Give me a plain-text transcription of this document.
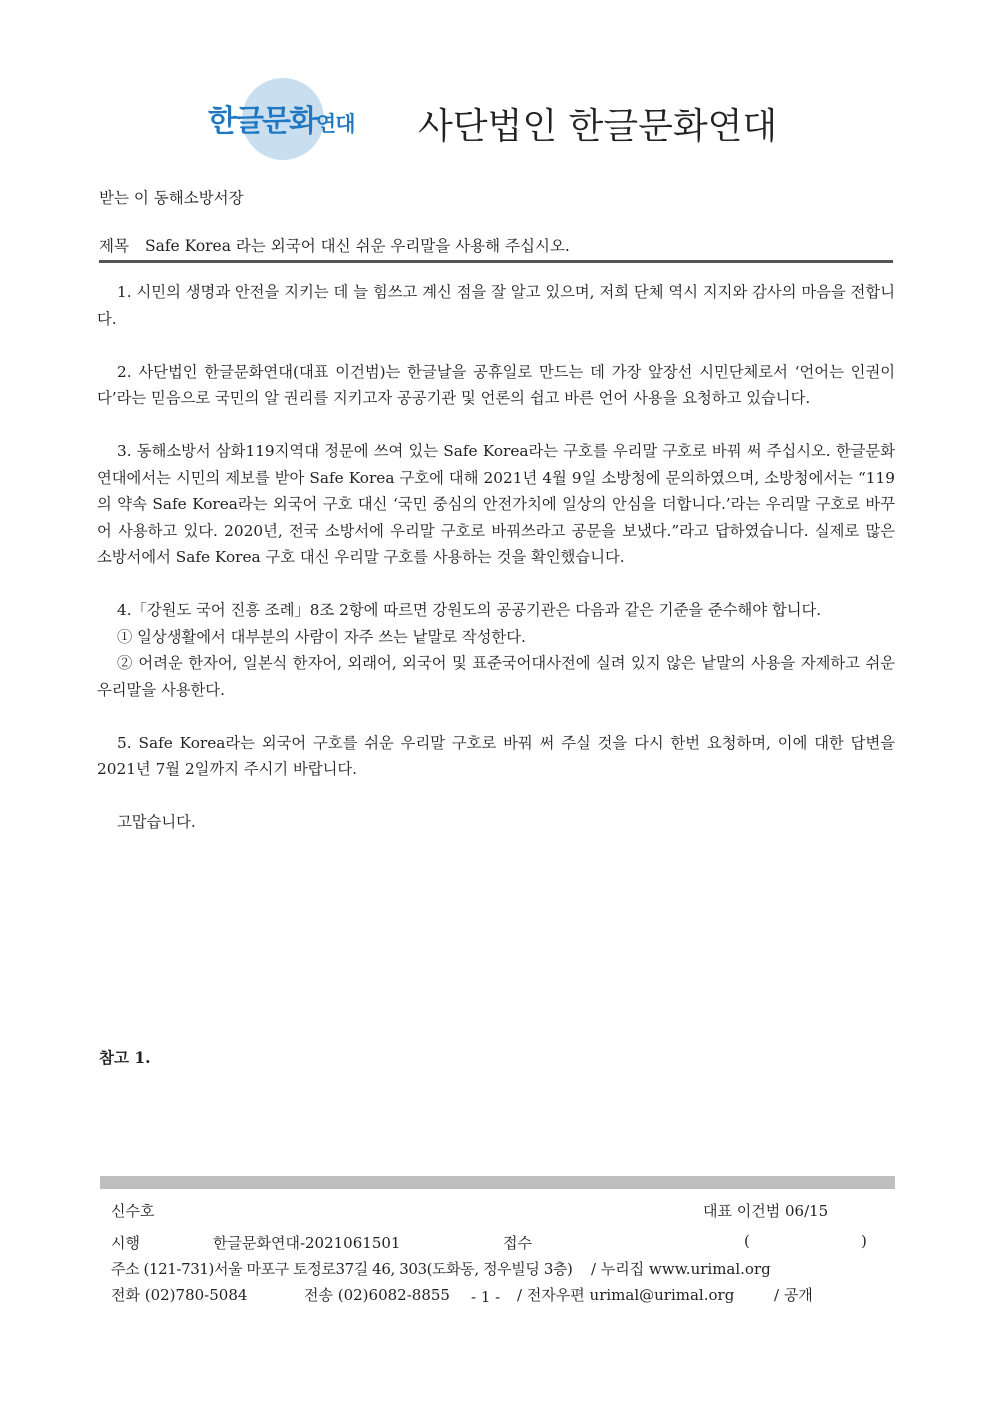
한글문화연대 사단법인 한글문화연대
받는 이 동해소방서장
제목 Safe Korea 라는 외국어 대신 쉬운 우리말을 사용해 주십시오.

1. 시민의 생명과 안전을 지키는 데 늘 힘쓰고 계신 점을 잘 알고 있으며, 저희 단체 역시 지지와 감사의 마음을 전합니다.

2. 사단법인 한글문화연대(대표 이건범)는 한글날을 공휴일로 만드는 데 가장 앞장선 시민단체로서 ‘언어는 인권이다’라는 믿음으로 국민의 알 권리를 지키고자 공공기관 및 언론의 쉽고 바른 언어 사용을 요청하고 있습니다.

3. 동해소방서 삼화119지역대 정문에 쓰여 있는 Safe Korea라는 구호를 우리말 구호로 바꿔 써 주십시오. 한글문화연대에서는 시민의 제보를 받아 Safe Korea 구호에 대해 2021년 4월 9일 소방청에 문의하였으며, 소방청에서는 “119의 약속 Safe Korea라는 외국어 구호 대신 ‘국민 중심의 안전가치에 일상의 안심을 더합니다.’라는 우리말 구호로 바꾸어 사용하고 있다. 2020년, 전국 소방서에 우리말 구호로 바꿔쓰라고 공문을 보냈다.”라고 답하였습니다. 실제로 많은 소방서에서 Safe Korea 구호 대신 우리말 구호를 사용하는 것을 확인했습니다.

4.「강원도 국어 진흥 조례」8조 2항에 따르면 강원도의 공공기관은 다음과 같은 기준을 준수해야 합니다.

① 일상생활에서 대부분의 사람이 자주 쓰는 낱말로 작성한다.

② 어려운 한자어, 일본식 한자어, 외래어, 외국어 및 표준국어대사전에 실려 있지 않은 낱말의 사용을 자제하고 쉬운 우리말을 사용한다.

5. Safe Korea라는 외국어 구호를 쉬운 우리말 구호로 바꿔 써 주실 것을 다시 한번 요청하며, 이에 대한 답변을 2021년 7월 2일까지 주시기 바랍니다.

고맙습니다.

참고 1.
신수호	대표 이건범 06/15
시행	한글문화연대-2021061501	접수	(	)
주소 (121-731)서울 마포구 토정로37길 46, 303(도화동, 정우빌딩 3층) / 누리집 www.urimal.org
전화 (02)780-5084	전송 (02)6082-8855 - 1 - / 전자우편 urimal@urimal.org	/ 공개
